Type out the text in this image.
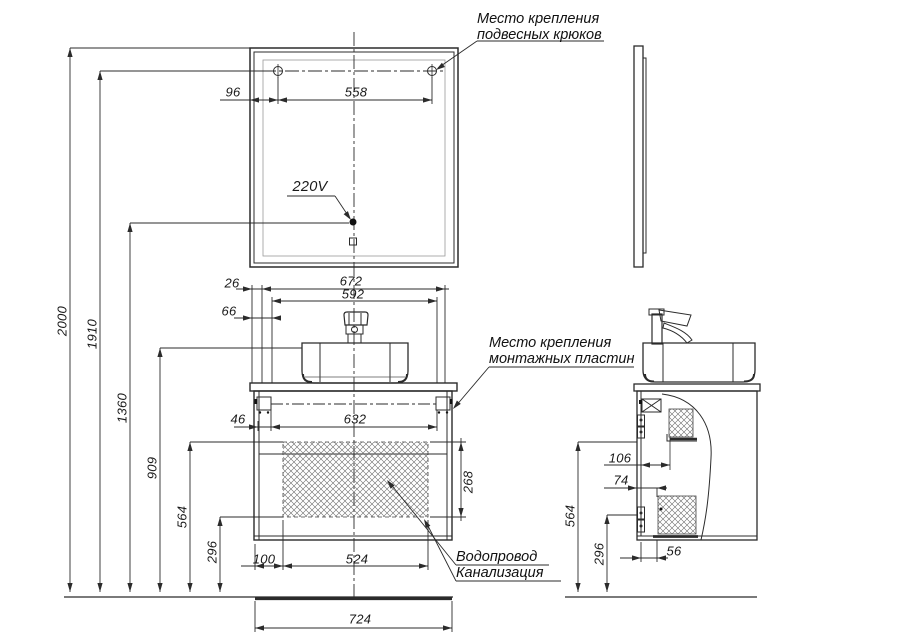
Место крепления
подвесных крюков
Место крепления
монтажных пластин
Водопровод
Канализация
220V
96	558
2000 1910
1360
909
564
296
26	672
592
66
46	632
268
100	524
724
106
74
56
564
296
